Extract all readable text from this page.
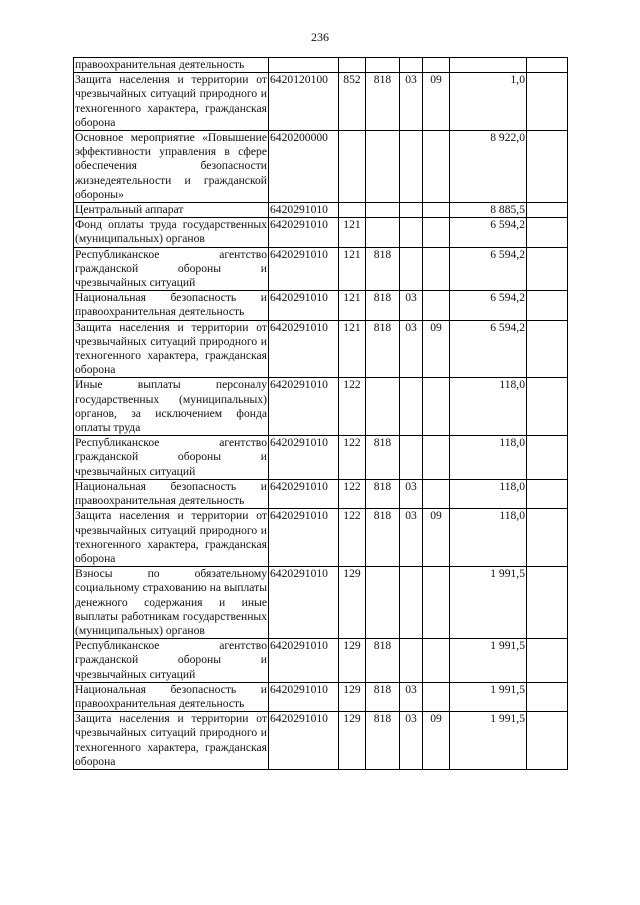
236
правоохранительная деятельность							
Защита населения и территории от чрезвычайных ситуаций природного и техногенного характера, гражданская оборона	6420120100	852	818	03	09	1,0	
Основное мероприятие «Повышение эффективности управления в сфере обеспечения безопасности жизнедеятельности и гражданской обороны»	6420200000					8 922,0	
Центральный аппарат	6420291010					8 885,5	
Фонд оплаты труда государственных (муниципальных) органов	6420291010	121				6 594,2	
Республиканское агентство гражданской обороны и чрезвычайных ситуаций	6420291010	121	818			6 594,2	
Национальная безопасность и правоохранительная деятельность	6420291010	121	818	03		6 594,2	
Защита населения и территории от чрезвычайных ситуаций природного и техногенного характера, гражданская оборона	6420291010	121	818	03	09	6 594,2	
Иные выплаты персоналу государственных (муниципальных) органов, за исключением фонда оплаты труда	6420291010	122				118,0	
Республиканское агентство гражданской обороны и чрезвычайных ситуаций	6420291010	122	818			118,0	
Национальная безопасность и правоохранительная деятельность	6420291010	122	818	03		118,0	
Защита населения и территории от чрезвычайных ситуаций природного и техногенного характера, гражданская оборона	6420291010	122	818	03	09	118,0	
Взносы по обязательному социальному страхованию на выплаты денежного содержания и иные выплаты работникам государственных (муниципальных) органов	6420291010	129				1 991,5	
Республиканское агентство гражданской обороны и чрезвычайных ситуаций	6420291010	129	818			1 991,5	
Национальная безопасность и правоохранительная деятельность	6420291010	129	818	03		1 991,5	
Защита населения и территории от чрезвычайных ситуаций природного и техногенного характера, гражданская оборона	6420291010	129	818	03	09	1 991,5	
